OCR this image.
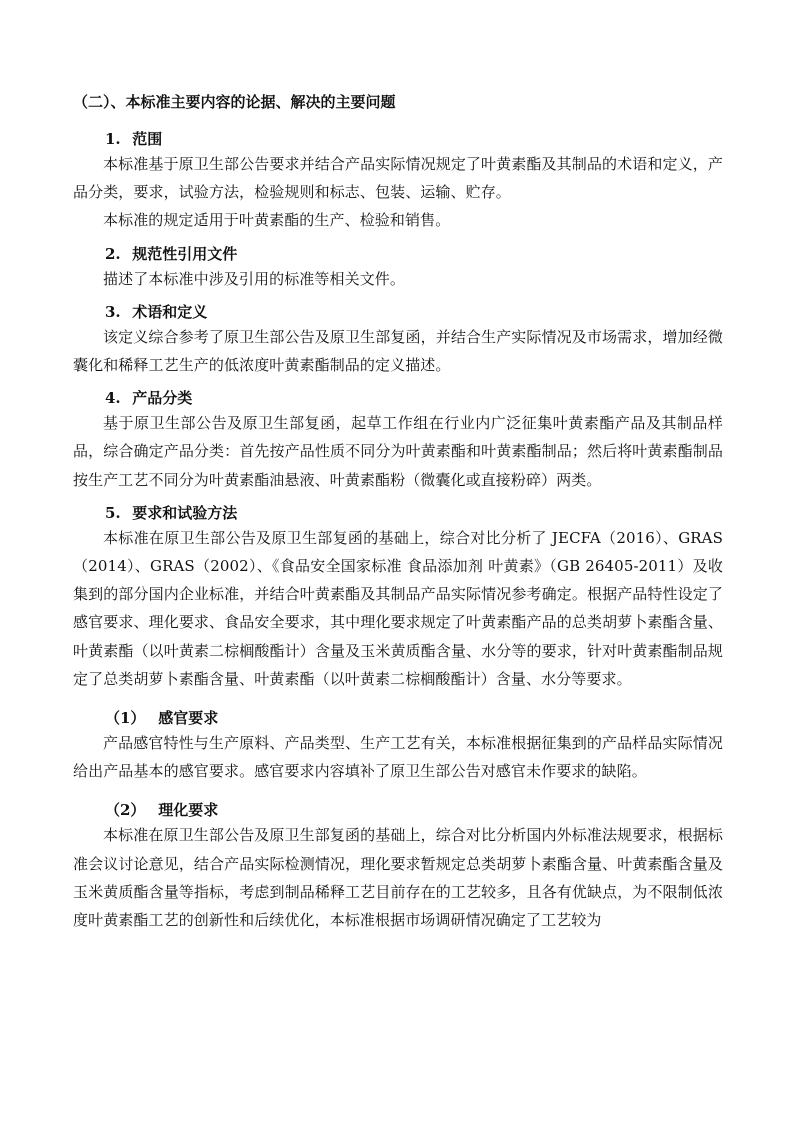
（二）、本标准主要内容的论据、解决的主要问题
1. 范围

本标准基于原卫生部公告要求并结合产品实际情况规定了叶黄素酯及其制品的术语和定义，产品分类，要求，试验方法，检验规则和标志、包装、运输、贮存。

本标准的规定适用于叶黄素酯的生产、检验和销售。

2. 规范性引用文件

描述了本标准中涉及引用的标准等相关文件。

3. 术语和定义

该定义综合参考了原卫生部公告及原卫生部复函，并结合生产实际情况及市场需求，增加经微囊化和稀释工艺生产的低浓度叶黄素酯制品的定义描述。

4. 产品分类

基于原卫生部公告及原卫生部复函，起草工作组在行业内广泛征集叶黄素酯产品及其制品样品，综合确定产品分类：首先按产品性质不同分为叶黄素酯和叶黄素酯制品；然后将叶黄素酯制品按生产工艺不同分为叶黄素酯油悬液、叶黄素酯粉（微囊化或直接粉碎）两类。

5. 要求和试验方法

本标准在原卫生部公告及原卫生部复函的基础上，综合对比分析了 JECFA（2016）、GRAS（2014）、GRAS（2002）、《食品安全国家标准 食品添加剂 叶黄素》（GB 26405-2011）及收集到的部分国内企业标准，并结合叶黄素酯及其制品产品实际情况参考确定。根据产品特性设定了感官要求、理化要求、食品安全要求，其中理化要求规定了叶黄素酯产品的总类胡萝卜素酯含量、叶黄素酯（以叶黄素二棕榈酸酯计）含量及玉米黄质酯含量、水分等的要求，针对叶黄素酯制品规定了总类胡萝卜素酯含量、叶黄素酯（以叶黄素二棕榈酸酯计）含量、水分等要求。

（1） 感官要求

产品感官特性与生产原料、产品类型、生产工艺有关，本标准根据征集到的产品样品实际情况给出产品基本的感官要求。感官要求内容填补了原卫生部公告对感官未作要求的缺陷。

（2） 理化要求

本标准在原卫生部公告及原卫生部复函的基础上，综合对比分析国内外标准法规要求，根据标准会议讨论意见，结合产品实际检测情况，理化要求暂规定总类胡萝卜素酯含量、叶黄素酯含量及玉米黄质酯含量等指标，考虑到制品稀释工艺目前存在的工艺较多，且各有优缺点，为不限制低浓度叶黄素酯工艺的创新性和后续优化，本标准根据市场调研情况确定了工艺较为
